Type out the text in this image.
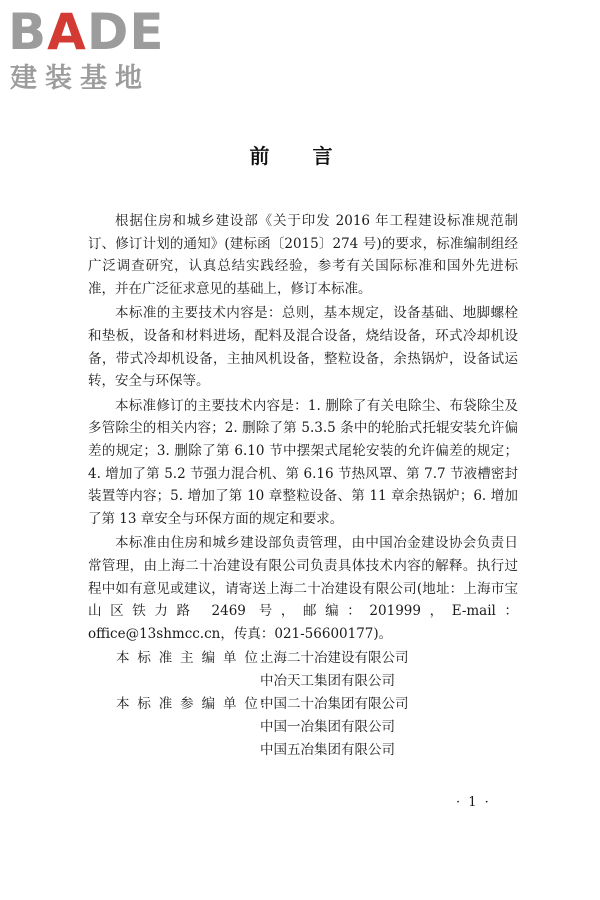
BADE
建装基地
前 言

根据住房和城乡建设部《关于印发 2016 年工程建设标准规范制订、修订计划的通知》(建标函〔2015〕274 号)的要求，标准编制组经广泛调查研究，认真总结实践经验，参考有关国际标准和国外先进标准，并在广泛征求意见的基础上，修订本标准。

本标准的主要技术内容是：总则，基本规定，设备基础、地脚螺栓和垫板，设备和材料进场，配料及混合设备，烧结设备，环式冷却机设备，带式冷却机设备，主抽风机设备，整粒设备，余热锅炉，设备试运转，安全与环保等。

本标准修订的主要技术内容是：1. 删除了有关电除尘、布袋除尘及多管除尘的相关内容；2. 删除了第 5.3.5 条中的轮胎式托辊安装允许偏差的规定；3. 删除了第 6.10 节中摆架式尾轮安装的允许偏差的规定；4. 增加了第 5.2 节强力混合机、第 6.16 节热风罩、第 7.7 节液槽密封装置等内容；5. 增加了第 10 章整粒设备、第 11 章余热锅炉；6. 增加了第 13 章安全与环保方面的规定和要求。

本标准由住房和城乡建设部负责管理，由中国冶金建设协会负责日常管理，由上海二十冶建设有限公司负责具体技术内容的解释。执行过程中如有意见或建议，请寄送上海二十冶建设有限公司(地址：上海市宝山区铁力路 2469 号，邮编：201999，E-mail：office@13shmcc.cn，传真：021-56600177)。

本 标 准 主 编 单 位：
上海二十冶建设有限公司
中冶天工集团有限公司
本 标 准 参 编 单 位：
中国二十冶集团有限公司
中国一冶集团有限公司
中国五冶集团有限公司
· 1 ·
